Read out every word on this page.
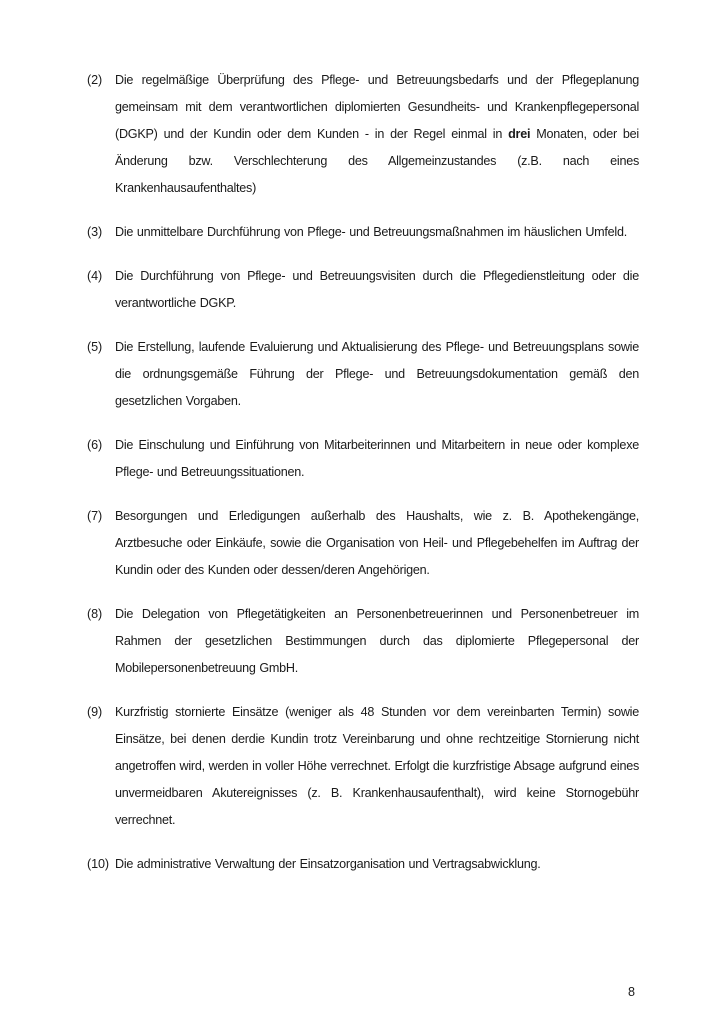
(2)	Die regelmäßige Überprüfung des Pflege- und Betreuungsbedarfs und der Pflegeplanung gemeinsam mit dem verantwortlichen diplomierten Gesundheits- und Krankenpflegepersonal (DGKP) und der Kundin oder dem Kunden - in der Regel einmal in drei Monaten, oder bei Änderung bzw. Verschlechterung des Allgemeinzustandes (z.B. nach eines Krankenhausaufenthaltes)
(3)	Die unmittelbare Durchführung von Pflege- und Betreuungsmaßnahmen im häuslichen Umfeld.
(4)	Die Durchführung von Pflege- und Betreuungsvisiten durch die Pflegedienstleitung oder die verantwortliche DGKP.
(5)	Die Erstellung, laufende Evaluierung und Aktualisierung des Pflege- und Betreuungsplans sowie die ordnungsgemäße Führung der Pflege- und Betreuungsdokumentation gemäß den gesetzlichen Vorgaben.
(6)	Die Einschulung und Einführung von Mitarbeiterinnen und Mitarbeitern in neue oder komplexe Pflege- und Betreuungssituationen.
(7)	Besorgungen und Erledigungen außerhalb des Haushalts, wie z. B. Apothekengänge, Arztbesuche oder Einkäufe, sowie die Organisation von Heil- und Pflegebehelfen im Auftrag der Kundin oder des Kunden oder dessen/deren Angehörigen.
(8)	Die Delegation von Pflegetätigkeiten an Personenbetreuerinnen und Personenbetreuer im Rahmen der gesetzlichen Bestimmungen durch das diplomierte Pflegepersonal der Mobilepersonenbetreuung GmbH.
(9)	Kurzfristig stornierte Einsätze (weniger als 48 Stunden vor dem vereinbarten Termin) sowie Einsätze, bei denen derdie Kundin trotz Vereinbarung und ohne rechtzeitige Stornierung nicht angetroffen wird, werden in voller Höhe verrechnet. Erfolgt die kurzfristige Absage aufgrund eines unvermeidbaren Akutereignisses (z. B. Krankenhausaufenthalt), wird keine Stornogebühr verrechnet.
(10) Die administrative Verwaltung der Einsatzorganisation und Vertragsabwicklung.
8
